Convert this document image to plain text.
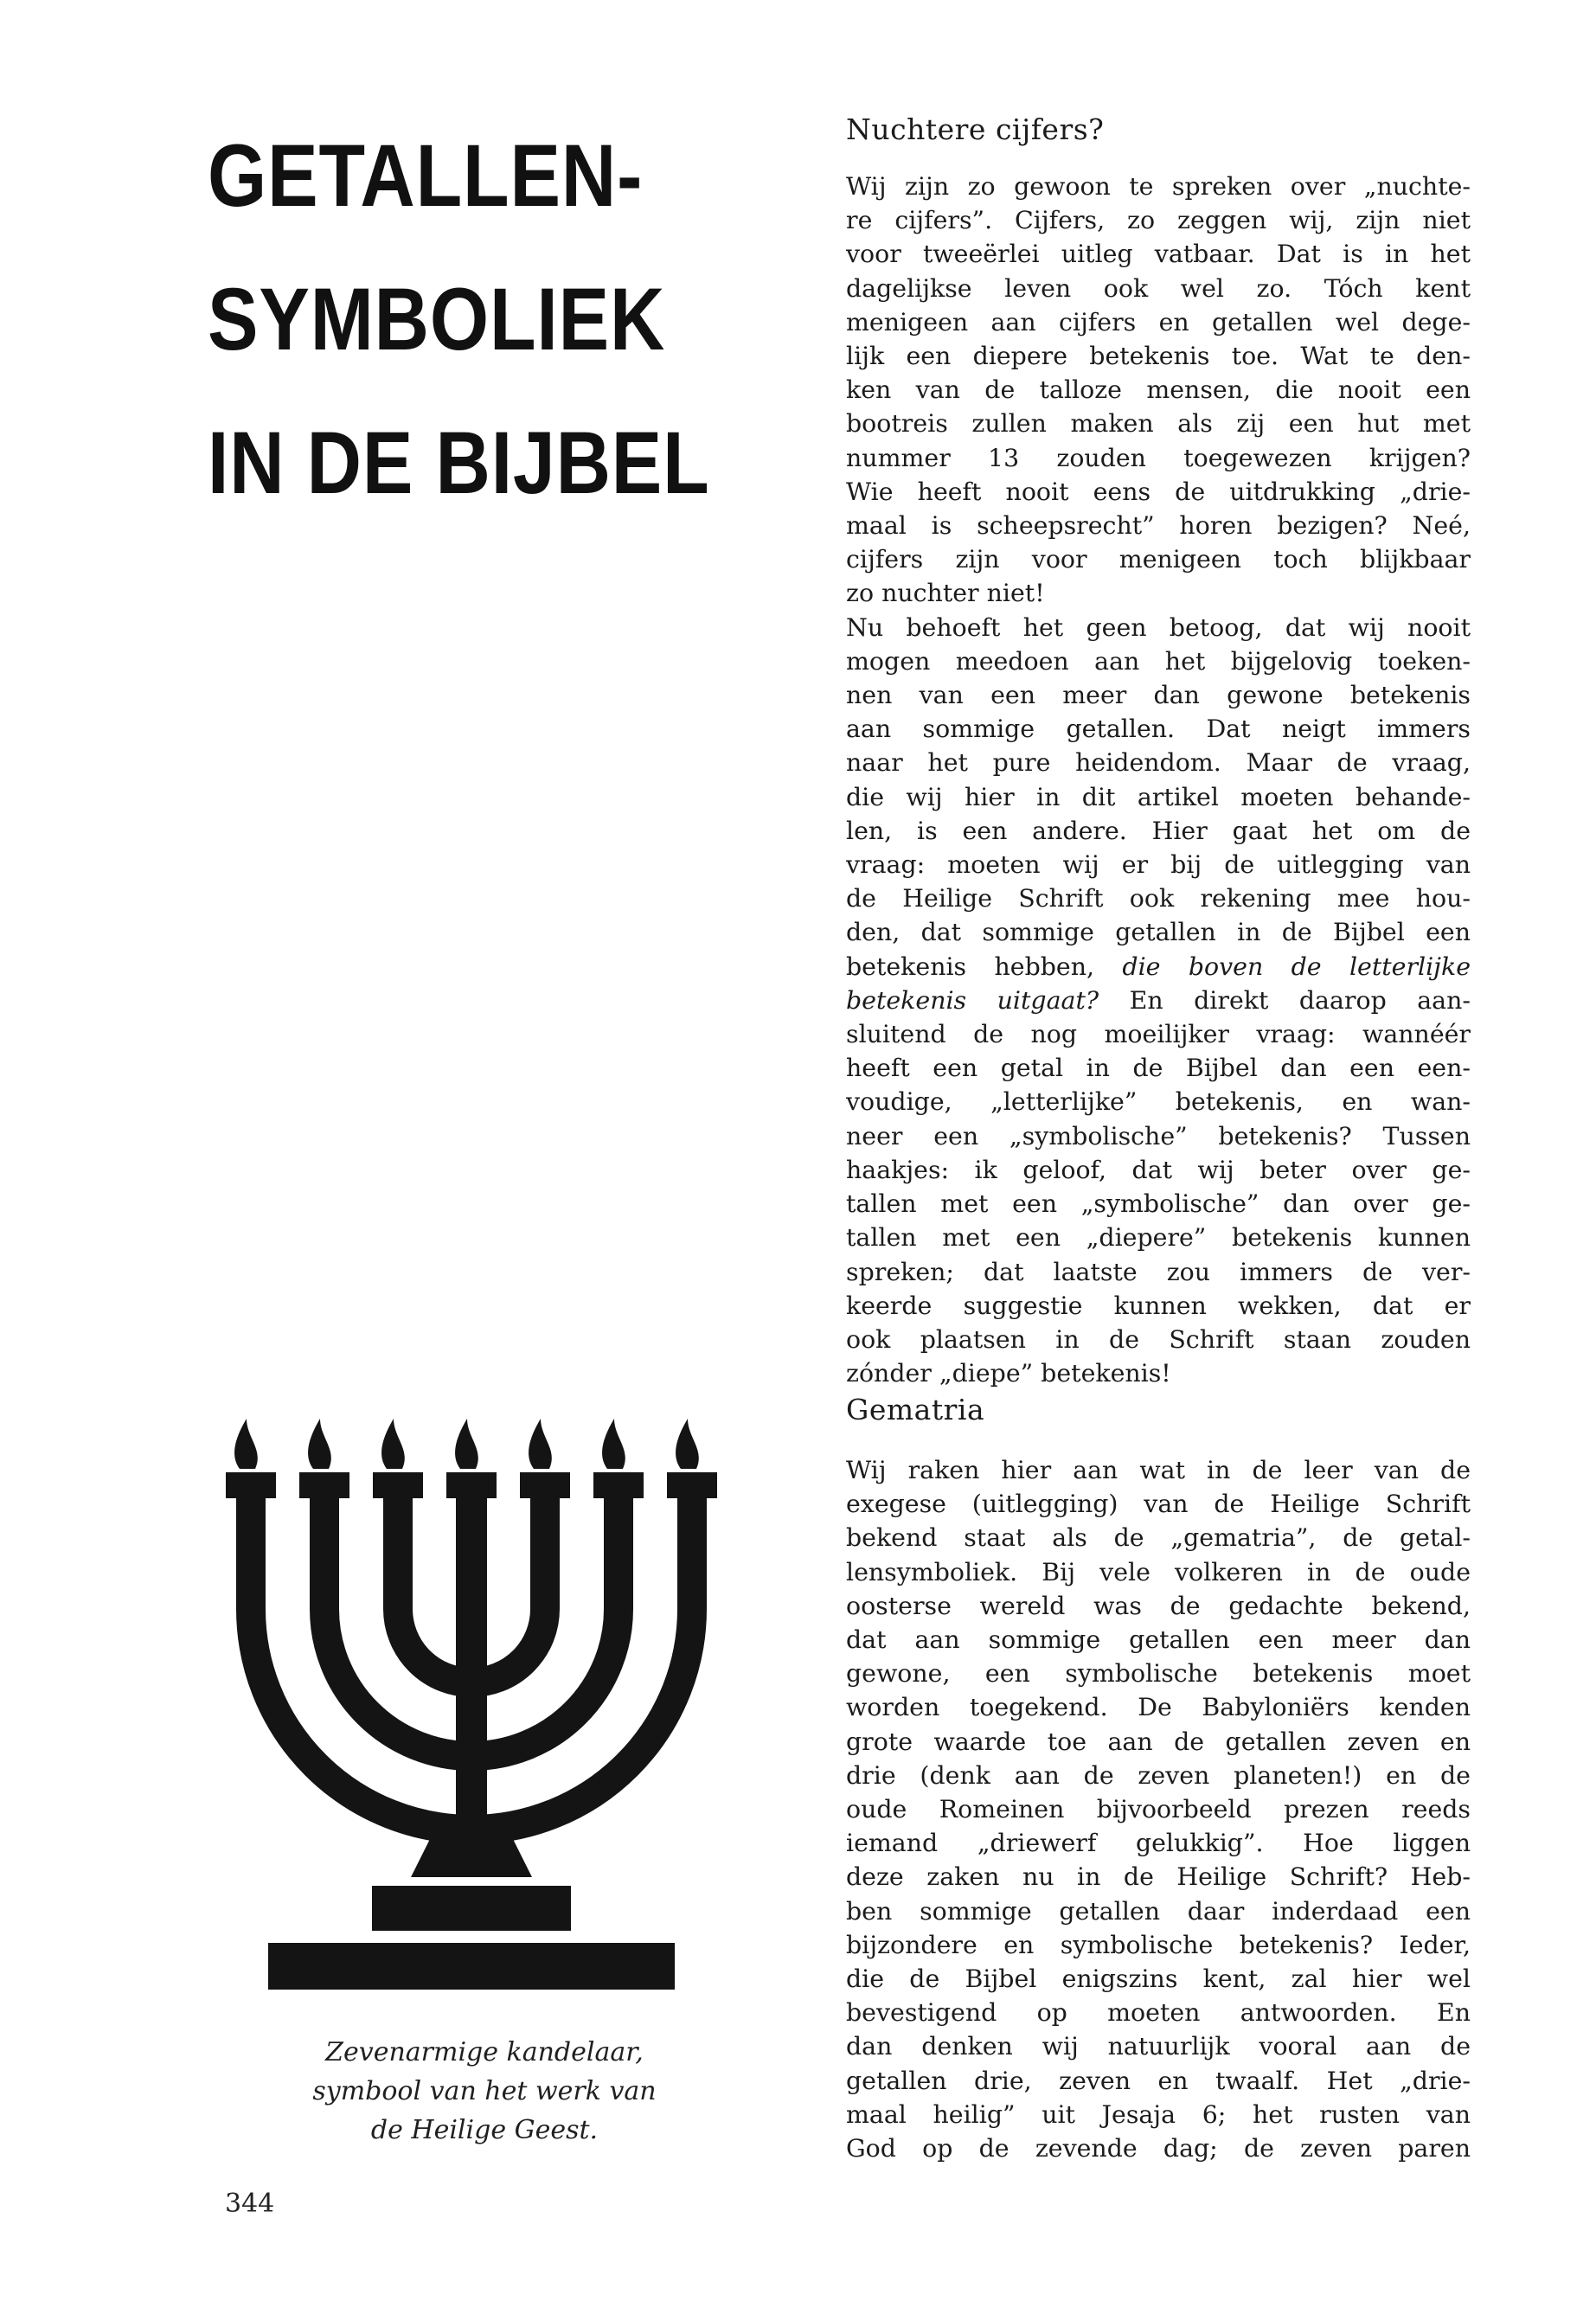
GETALLEN-
SYMBOLIEK
IN DE BIJBEL

Zevenarmige kandelaar,
symbool van het werk van
de Heilige Geest.

344
Nuchtere cijfers?
Wij zijn zo gewoon te spreken over „nuchte-
re cijfers”. Cijfers, zo zeggen wij, zijn niet
voor tweeërlei uitleg vatbaar. Dat is in het
dagelijkse leven ook wel zo. Tóch kent
menigeen aan cijfers en getallen wel dege-
lijk een diepere betekenis toe. Wat te den-
ken van de talloze mensen, die nooit een
bootreis zullen maken als zij een hut met
nummer 13 zouden toegewezen krijgen?
Wie heeft nooit eens de uitdrukking „drie-
maal is scheepsrecht” horen bezigen? Neé,
cijfers zijn voor menigeen toch blijkbaar
zo nuchter niet!
Nu behoeft het geen betoog, dat wij nooit
mogen meedoen aan het bijgelovig toeken-
nen van een meer dan gewone betekenis
aan sommige getallen. Dat neigt immers
naar het pure heidendom. Maar de vraag,
die wij hier in dit artikel moeten behande-
len, is een andere. Hier gaat het om de
vraag: moeten wij er bij de uitlegging van
de Heilige Schrift ook rekening mee hou-
den, dat sommige getallen in de Bijbel een
betekenis hebben, die boven de letterlijke
betekenis uitgaat? En direkt daarop aan-
sluitend de nog moeilijker vraag: wannéér
heeft een getal in de Bijbel dan een een-
voudige, „letterlijke” betekenis, en wan-
neer een „symbolische” betekenis? Tussen
haakjes: ik geloof, dat wij beter over ge-
tallen met een „symbolische” dan over ge-
tallen met een „diepere” betekenis kunnen
spreken; dat laatste zou immers de ver-
keerde suggestie kunnen wekken, dat er
ook plaatsen in de Schrift staan zouden
zónder „diepe” betekenis!
Gematria
Wij raken hier aan wat in de leer van de
exegese (uitlegging) van de Heilige Schrift
bekend staat als de „gematria”, de getal-
lensymboliek. Bij vele volkeren in de oude
oosterse wereld was de gedachte bekend,
dat aan sommige getallen een meer dan
gewone, een symbolische betekenis moet
worden toegekend. De Babyloniërs kenden
grote waarde toe aan de getallen zeven en
drie (denk aan de zeven planeten!) en de
oude Romeinen bijvoorbeeld prezen reeds
iemand „driewerf gelukkig”. Hoe liggen
deze zaken nu in de Heilige Schrift? Heb-
ben sommige getallen daar inderdaad een
bijzondere en symbolische betekenis? Ieder,
die de Bijbel enigszins kent, zal hier wel
bevestigend op moeten antwoorden. En
dan denken wij natuurlijk vooral aan de
getallen drie, zeven en twaalf. Het „drie-
maal heilig” uit Jesaja 6; het rusten van
God op de zevende dag; de zeven paren
